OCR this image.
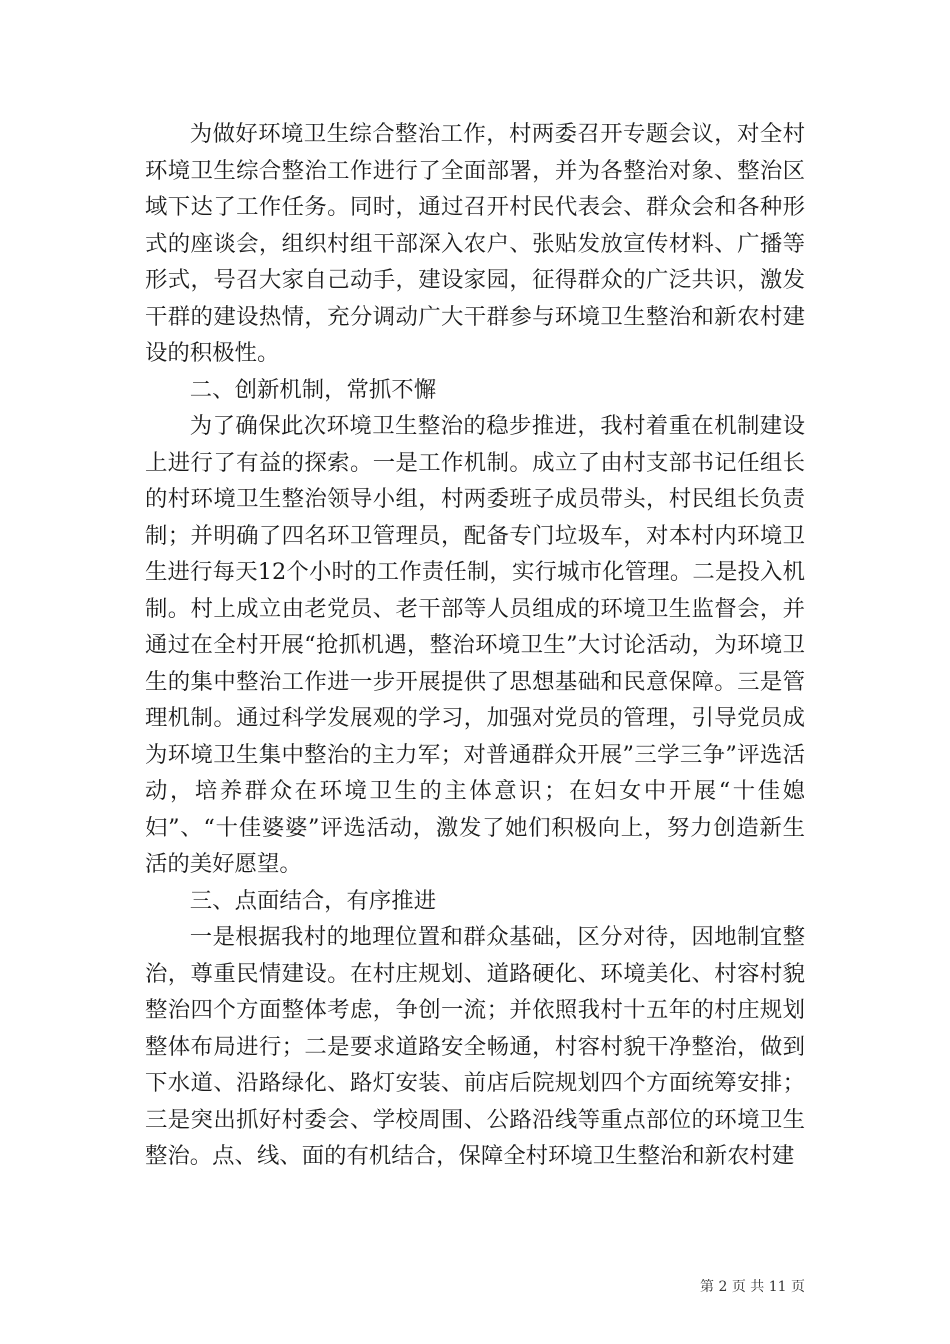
为做好环境卫生综合整治工作，村两委召开专题会议，对全村环境卫生综合整治工作进行了全面部署，并为各整治对象、整治区域下达了工作任务。同时，通过召开村民代表会、群众会和各种形式的座谈会，组织村组干部深入农户、张贴发放宣传材料、广播等形式，号召大家自己动手，建设家园，征得群众的广泛共识，激发干群的建设热情，充分调动广大干群参与环境卫生整治和新农村建设的积极性。

二、创新机制，常抓不懈

为了确保此次环境卫生整治的稳步推进，我村着重在机制建设上进行了有益的探索。一是工作机制。成立了由村支部书记任组长的村环境卫生整治领导小组，村两委班子成员带头，村民组长负责制；并明确了四名环卫管理员，配备专门垃圾车，对本村内环境卫生进行每天12个小时的工作责任制，实行城市化管理。二是投入机制。村上成立由老党员、老干部等人员组成的环境卫生监督会，并通过在全村开展“抢抓机遇，整治环境卫生”大讨论活动，为环境卫生的集中整治工作进一步开展提供了思想基础和民意保障。三是管理机制。通过科学发展观的学习，加强对党员的管理，引导党员成为环境卫生集中整治的主力军；对普通群众开展”三学三争”评选活动，培养群众在环境卫生的主体意识；在妇女中开展“十佳媳妇”、“十佳婆婆”评选活动，激发了她们积极向上，努力创造新生活的美好愿望。

三、点面结合，有序推进

一是根据我村的地理位置和群众基础，区分对待，因地制宜整治，尊重民情建设。在村庄规划、道路硬化、环境美化、村容村貌整治四个方面整体考虑，争创一流；并依照我村十五年的村庄规划整体布局进行；二是要求道路安全畅通，村容村貌干净整治，做到下水道、沿路绿化、路灯安装、前店后院规划四个方面统筹安排；三是突出抓好村委会、学校周围、公路沿线等重点部位的环境卫生整治。点、线、面的有机结合，保障全村环境卫生整治和新农村建

第 2 页 共 11 页
